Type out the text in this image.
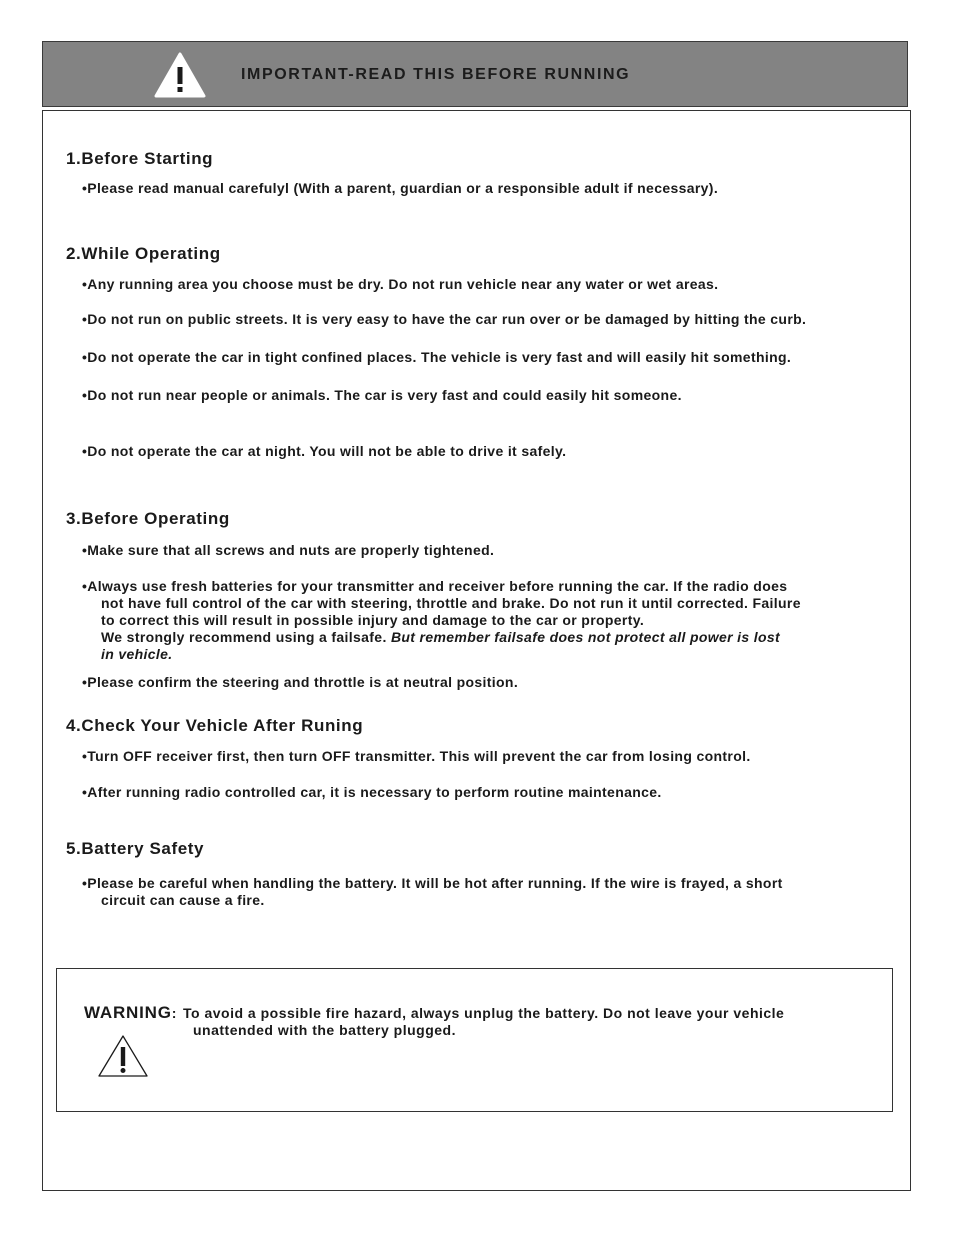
IMPORTANT-READ THIS BEFORE RUNNING
1.Before Starting
•Please read manual carefulyl (With a parent, guardian or a responsible adult if necessary).
2.While Operating
•Any running area you choose must be dry. Do not run vehicle near any water or wet areas.
•Do not run on public streets. It is very easy to have the car run over or be damaged by hitting the curb.
•Do not operate the car in tight confined places. The vehicle is very fast and will easily hit something.
•Do not run near people or animals. The car is very fast and could easily hit someone.
•Do not operate the car at night. You will not be able to drive it safely.
3.Before Operating
•Make sure that all screws and nuts are properly tightened.
•Always use fresh batteries for your transmitter and receiver before running the car. If the radio does
not have full control of the car with steering, throttle and brake. Do not run it until corrected. Failure
to correct this will result in possible injury and damage to the car or property.
We strongly recommend using a failsafe. But remember failsafe does not protect all power is lost
in vehicle.
•Please confirm the steering and throttle is at neutral position.
4.Check Your Vehicle After Runing
•Turn OFF receiver first, then turn OFF transmitter. This will prevent the car from losing control.
•After running radio controlled car, it is necessary to perform routine maintenance.
5.Battery Safety
•Please be careful when handling the battery. It will be hot after running. If the wire is frayed, a short
circuit can cause a fire.
WARNING: To avoid a possible fire hazard, always unplug the battery. Do not leave your vehicle
unattended with the battery plugged.
